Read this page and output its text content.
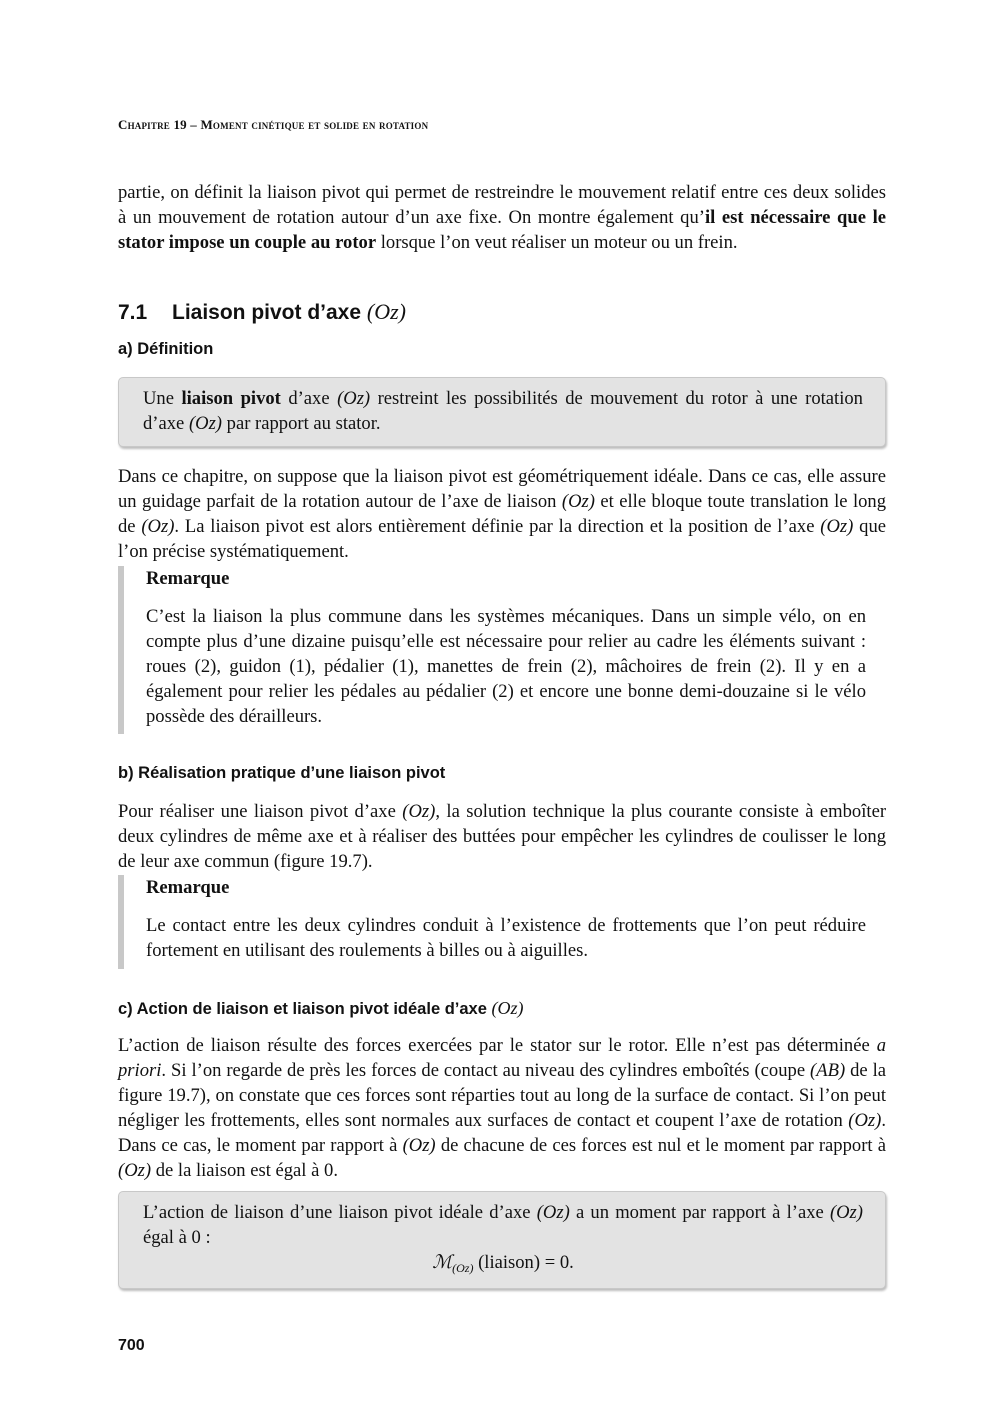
Chapitre 19 – Moment cinétique et solide en rotation

partie, on définit la liaison pivot qui permet de restreindre le mouvement relatif entre ces deux solides à un mouvement de rotation autour d’un axe fixe. On montre également qu’il est nécessaire que le stator impose un couple au rotor lorsque l’on veut réaliser un moteur ou un frein.

7.1 Liaison pivot d’axe (Oz)
a) Définition

Une liaison pivot d’axe (Oz) restreint les possibilités de mouvement du rotor à une rotation d’axe (Oz) par rapport au stator.

Dans ce chapitre, on suppose que la liaison pivot est géométriquement idéale. Dans ce cas, elle assure un guidage parfait de la rotation autour de l’axe de liaison (Oz) et elle bloque toute translation le long de (Oz). La liaison pivot est alors entièrement définie par la direction et la position de l’axe (Oz) que l’on précise systématiquement.

Remarque

C’est la liaison la plus commune dans les systèmes mécaniques. Dans un simple vélo, on en compte plus d’une dizaine puisqu’elle est nécessaire pour relier au cadre les éléments suivant : roues (2), guidon (1), pédalier (1), manettes de frein (2), mâchoires de frein (2). Il y en a également pour relier les pédales au pédalier (2) et encore une bonne demi-douzaine si le vélo possède des dérailleurs.

b) Réalisation pratique d’une liaison pivot

Pour réaliser une liaison pivot d’axe (Oz), la solution technique la plus courante consiste à emboîter deux cylindres de même axe et à réaliser des buttées pour empêcher les cylindres de coulisser le long de leur axe commun (figure 19.7).

Remarque

Le contact entre les deux cylindres conduit à l’existence de frottements que l’on peut réduire fortement en utilisant des roulements à billes ou à aiguilles.

c) Action de liaison et liaison pivot idéale d’axe (Oz)

L’action de liaison résulte des forces exercées par le stator sur le rotor. Elle n’est pas déterminée a priori. Si l’on regarde de près les forces de contact au niveau des cylindres emboîtés (coupe (AB) de la figure 19.7), on constate que ces forces sont réparties tout au long de la surface de contact. Si l’on peut négliger les frottements, elles sont normales aux surfaces de contact et coupent l’axe de rotation (Oz). Dans ce cas, le moment par rapport à (Oz) de chacune de ces forces est nul et le moment par rapport à (Oz) de la liaison est égal à 0.

L’action de liaison d’une liaison pivot idéale d’axe (Oz) a un moment par rapport à l’axe (Oz) égal à 0 :

ℳ$_{(Oz)}$ (liaison) = 0.
700
